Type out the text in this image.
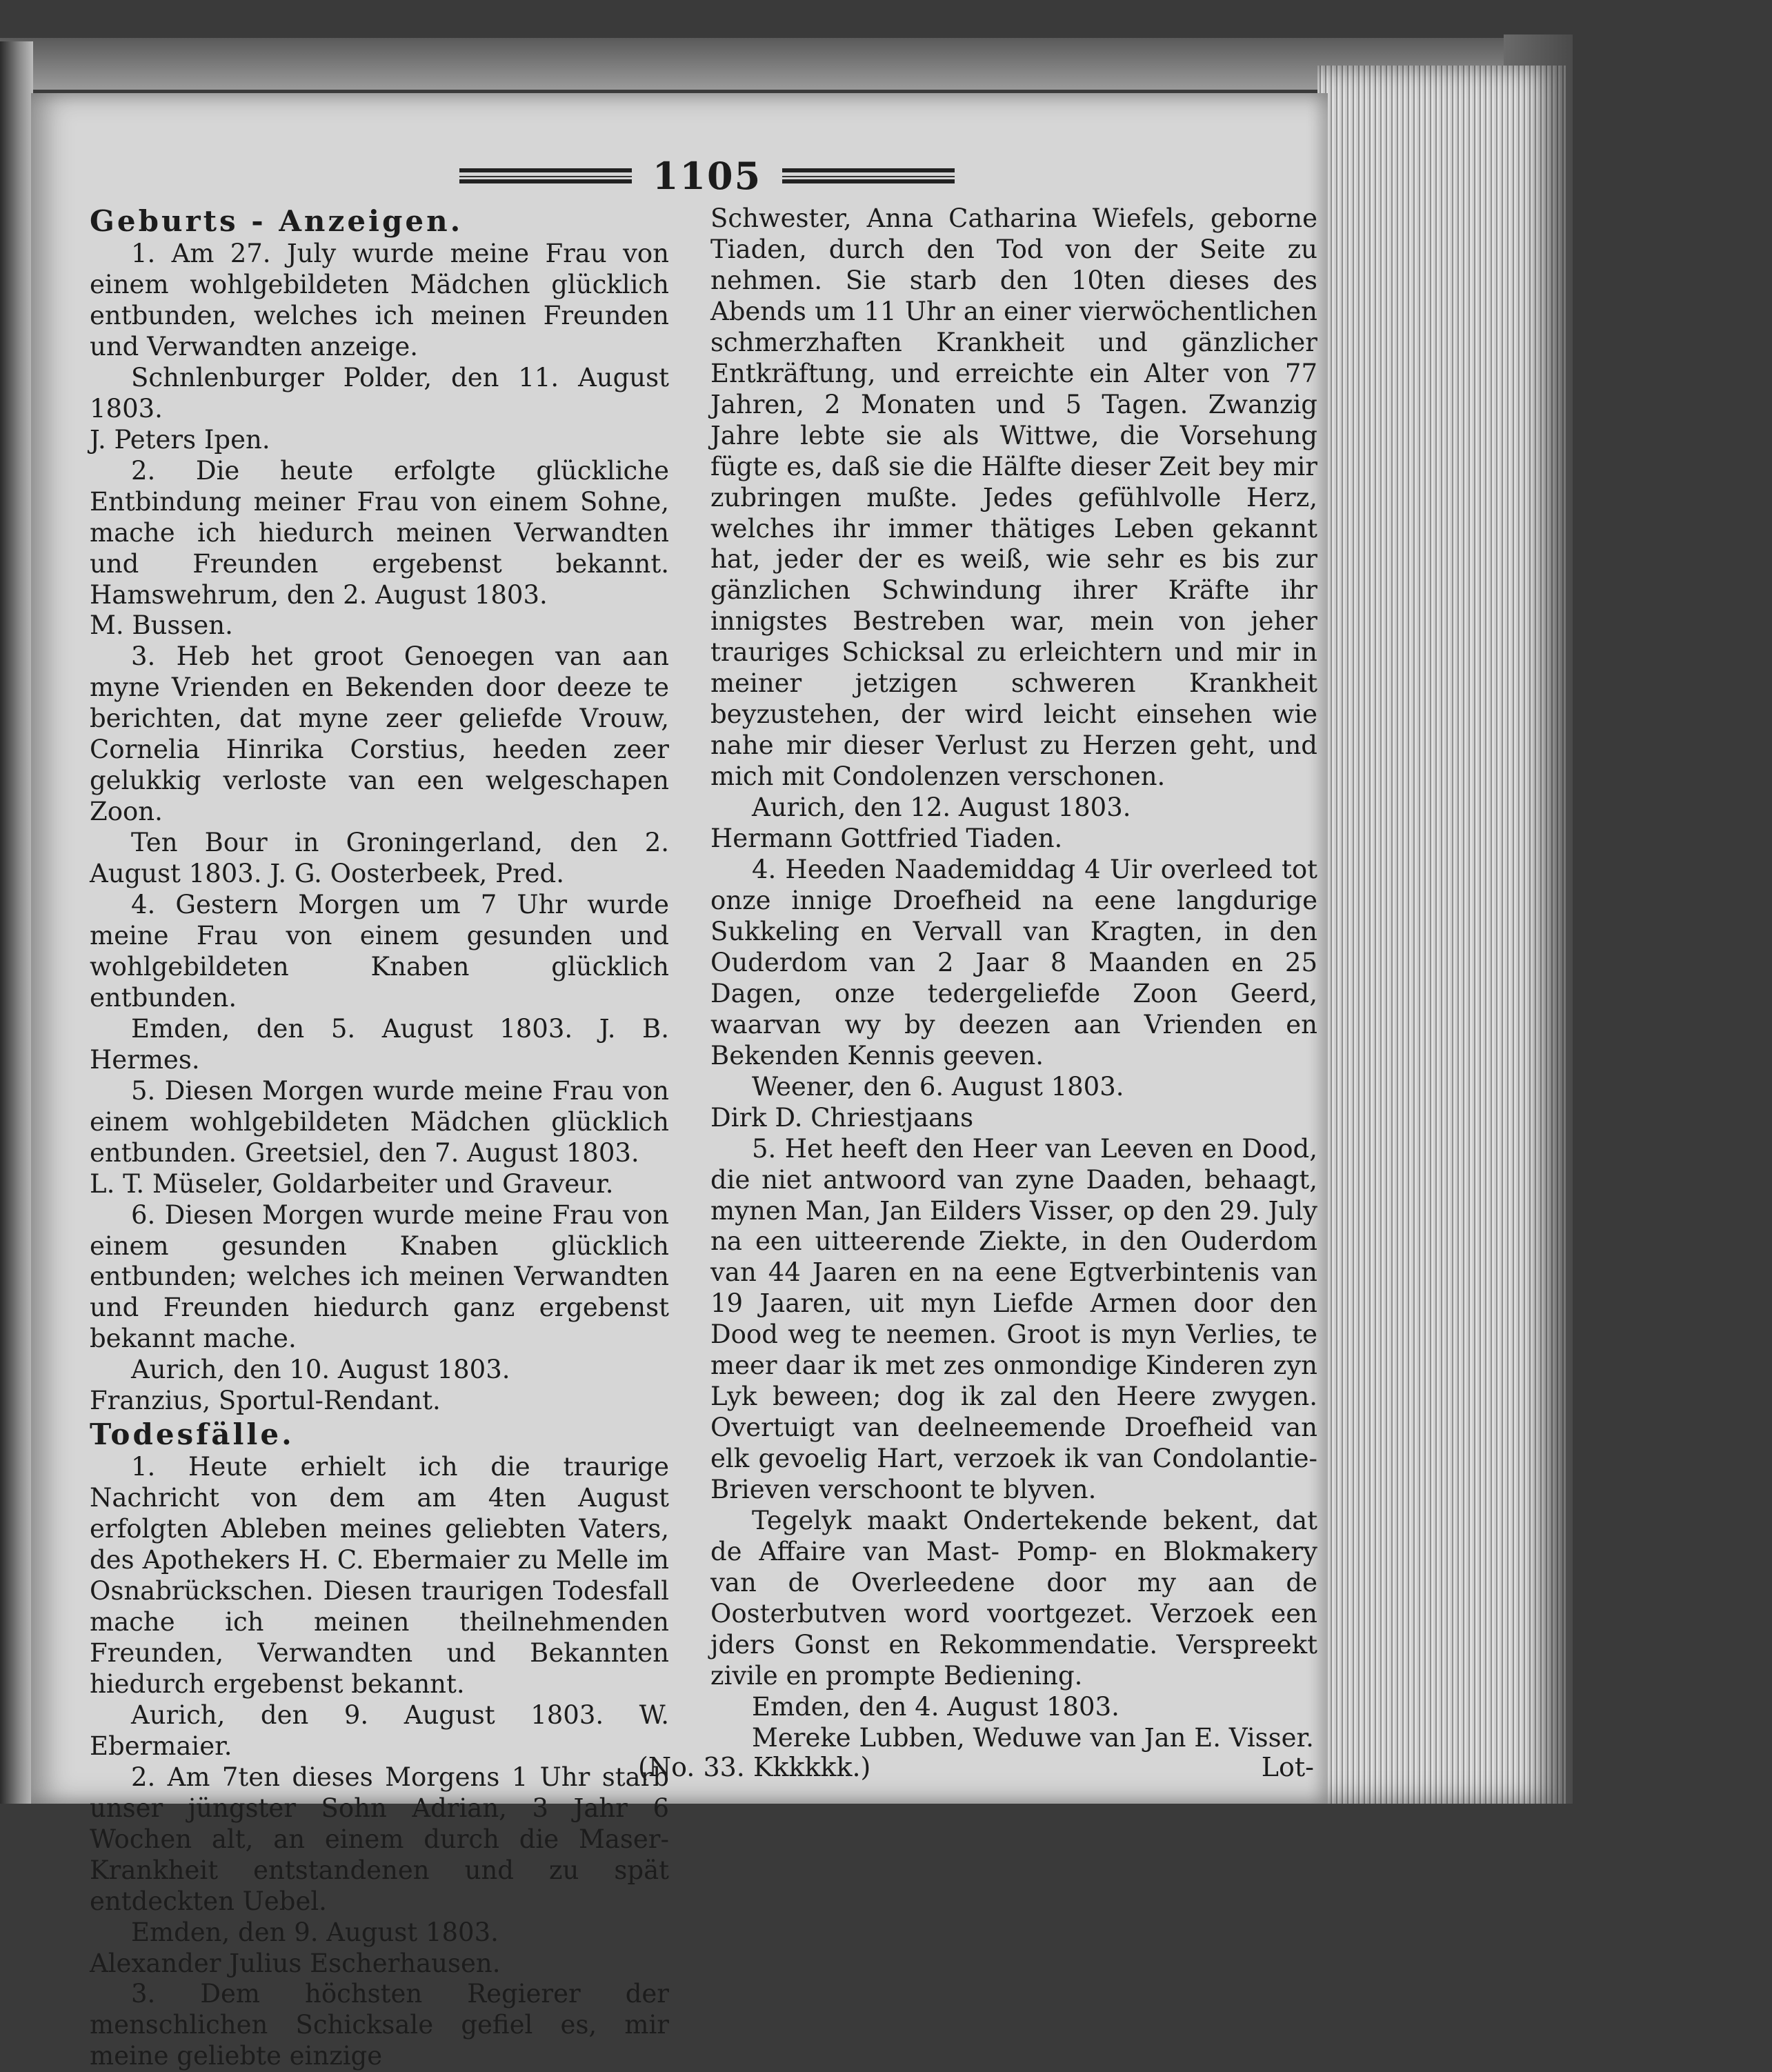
1105

Geburts - Anzeigen.

1. Am 27. July wurde meine Frau von einem wohlgebildeten Mädchen glücklich entbunden, welches ich meinen Freunden und Verwandten anzeige.

Schnlenburger Polder, den 11. August 1803.

J. Peters Ipen.

2. Die heute erfolgte glückliche Entbindung meiner Frau von einem Sohne, mache ich hiedurch meinen Verwandten und Freunden ergebenst bekannt. Hamswehrum, den 2. August 1803.

M. Bussen.

3. Heb het groot Genoegen van aan myne Vrienden en Bekenden door deeze te berichten, dat myne zeer geliefde Vrouw, Cornelia Hinrika Corstius, heeden zeer gelukkig verloste van een welgeschapen Zoon.

Ten Bour in Groningerland, den 2. August 1803. J. G. Oosterbeek, Pred.

4. Gestern Morgen um 7 Uhr wurde meine Frau von einem gesunden und wohlgebildeten Knaben glücklich entbunden.

Emden, den 5. August 1803. J. B. Hermes.

5. Diesen Morgen wurde meine Frau von einem wohlgebildeten Mädchen glücklich entbunden. Greetsiel, den 7. August 1803.

L. T. Müseler, Goldarbeiter und Graveur.

6. Diesen Morgen wurde meine Frau von einem gesunden Knaben glücklich entbunden; welches ich meinen Verwandten und Freunden hiedurch ganz ergebenst bekannt mache.

Aurich, den 10. August 1803.

Franzius, Sportul-Rendant.

Todesfälle.

1. Heute erhielt ich die traurige Nachricht von dem am 4ten August erfolgten Ableben meines geliebten Vaters, des Apothekers H. C. Ebermaier zu Melle im Osnabrückschen. Diesen traurigen Todesfall mache ich meinen theilnehmenden Freunden, Verwandten und Bekannten hiedurch ergebenst bekannt.

Aurich, den 9. August 1803. W. Ebermaier.

2. Am 7ten dieses Morgens 1 Uhr starb unser jüngster Sohn Adrian, 3 Jahr 6 Wochen alt, an einem durch die Maser-Krankheit entstandenen und zu spät entdeckten Uebel.

Emden, den 9. August 1803.

Alexander Julius Escherhausen.

3. Dem höchsten Regierer der menschlichen Schicksale gefiel es, mir meine geliebte einzige

Schwester, Anna Catharina Wiefels, geborne Tiaden, durch den Tod von der Seite zu nehmen. Sie starb den 10ten dieses des Abends um 11 Uhr an einer vierwöchentlichen schmerzhaften Krankheit und gänzlicher Entkräftung, und erreichte ein Alter von 77 Jahren, 2 Monaten und 5 Tagen. Zwanzig Jahre lebte sie als Wittwe, die Vorsehung fügte es, daß sie die Hälfte dieser Zeit bey mir zubringen mußte. Jedes gefühlvolle Herz, welches ihr immer thätiges Leben gekannt hat, jeder der es weiß, wie sehr es bis zur gänzlichen Schwindung ihrer Kräfte ihr innigstes Bestreben war, mein von jeher trauriges Schicksal zu erleichtern und mir in meiner jetzigen schweren Krankheit beyzustehen, der wird leicht einsehen wie nahe mir dieser Verlust zu Herzen geht, und mich mit Condolenzen verschonen.

Aurich, den 12. August 1803.

Hermann Gottfried Tiaden.

4. Heeden Naademiddag 4 Uir overleed tot onze innige Droefheid na eene langdurige Sukkeling en Vervall van Kragten, in den Ouderdom van 2 Jaar 8 Maanden en 25 Dagen, onze tedergeliefde Zoon Geerd, waarvan wy by deezen aan Vrienden en Bekenden Kennis geeven.

Weener, den 6. August 1803.

Dirk D. Chriestjaans

5. Het heeft den Heer van Leeven en Dood, die niet antwoord van zyne Daaden, behaagt, mynen Man, Jan Eilders Visser, op den 29. July na een uitteerende Ziekte, in den Ouderdom van 44 Jaaren en na eene Egtverbintenis van 19 Jaaren, uit myn Liefde Armen door den Dood weg te neemen. Groot is myn Verlies, te meer daar ik met zes onmondige Kinderen zyn Lyk beween; dog ik zal den Heere zwygen. Overtuigt van deelneemende Droefheid van elk gevoelig Hart, verzoek ik van Condolantie-Brieven verschoont te blyven.

Tegelyk maakt Ondertekende bekent, dat de Affaire van Mast- Pomp- en Blokmakery van de Overleedene door my aan de Oosterbutven word voortgezet. Verzoek een jders Gonst en Rekommendatie. Verspreekt zivile en prompte Bediening.

Emden, den 4. August 1803.

Mereke Lubben, Weduwe van Jan E. Visser.

(No. 33. Kkkkkk.)	Lot-
